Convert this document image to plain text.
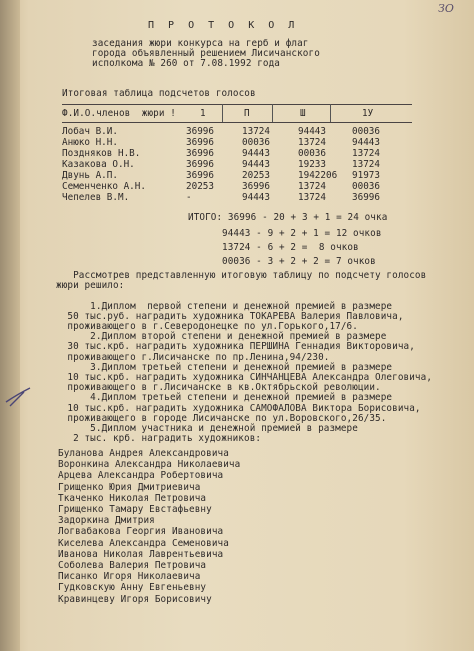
ЗО
П Р О Т О К О Л
заседания жюри конкурса на герб и флаг
города объявленный решением Лисичанского
исполкома № 260 от 7.08.1992 года
Итоговая таблица подсчетов голосов
Ф.И.О.членов  жюри !	1	П	Ш	1У
Лобач В.И.	36996	13724	94443	00036
Анюко Н.Н.	36996	00036	13724	94443
Поздняков Н.В.	36996	94443	00036	13724
Казакова О.Н.	36996	94443	19233	13724
Двунь А.П.	36996	20253	1942206 91973
Семенченко А.Н.	20253	36996	13724	00036
Чепелев В.М.	-	94443	13724	36996
ИТОГО: 36996 - 20 + 3 + 1 = 24 очка
94443 - 9 + 2 + 1 = 12 очков
13724 - 6 + 2 =  8 очков
00036 - 3 + 2 + 2 = 7 очков
Рассмотрев представленную итоговую таблицу по подсчету голосов
жюри решило:
1.Диплом  первой степени и денежной премией в размере
50 тыс.руб. наградить художника ТОКАРЕВА Валерия Павловича,
проживающего в г.Северодонецке по ул.Горького,17/6.
2.Диплом второй степени и денежной премией в размере
30 тыс.крб. наградить художника ПЕРШИНА Геннадия Викторовича,
проживающего г.Лисичанске по пр.Ленина,94/230.
3.Диплом третьей степени и денежной премией в размере
10 тыс.крб. наградить художника СИНЧАНЦЕВА Александра Олеговича,
проживающего в г.Лисичанске в кв.Октябрьской революции.
4.Диплом третьей степени и денежной премией в размере
10 тыс.крб. наградить художника САМОФАЛОВА Виктора Борисовича,
проживающего в городе Лисичанске по ул.Воровского,26/35.
5.Диплом участника и денежной премией в размере
2 тыс. крб. наградить художников:
Буланова Андрея Александровича
Воронкина Александра Николаевича
Арцева Александра Робертовича
Грищенко Юрия Дмитриевича
Ткаченко Николая Петровича
Грищенко Тамару Евстафьевну
Задоркина Дмитрия
Логвабакова Георгия Ивановича
Киселева Александра Семеновича
Иванова Николая Лаврентьевича
Соболева Валерия Петровича
Писанко Игоря Николаевича
Гудковскую Анну Евгеньевну
Кравинцеву Игоря Борисовичу
